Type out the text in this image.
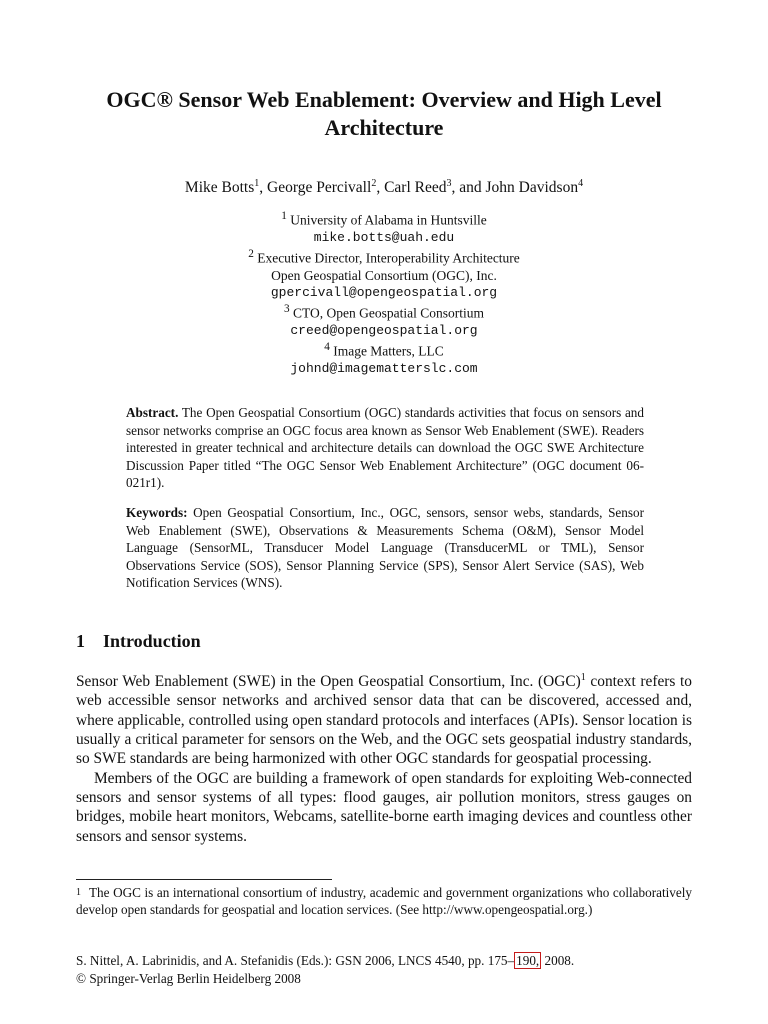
OGC® Sensor Web Enablement: Overview and High Level Architecture
Mike Botts$^1$, George Percivall$^2$, Carl Reed$^3$, and John Davidson$^4$
$^1$ University of Alabama in Huntsville
mike.botts@uah.edu
$^2$ Executive Director, Interoperability Architecture
Open Geospatial Consortium (OGC), Inc.
gpercivall@opengeospatial.org
$^3$ CTO, Open Geospatial Consortium
creed@opengeospatial.org
$^4$ Image Matters, LLC
johnd@imagematterslc.com
Abstract. The Open Geospatial Consortium (OGC) standards activities that focus on sensors and sensor networks comprise an OGC focus area known as Sensor Web Enablement (SWE). Readers interested in greater technical and architecture details can download the OGC SWE Architecture Discussion Paper titled “The OGC Sensor Web Enablement Architecture” (OGC document 06-021r1).
Keywords: Open Geospatial Consortium, Inc., OGC, sensors, sensor webs, standards, Sensor Web Enablement (SWE), Observations & Measurements Schema (O&M), Sensor Model Language (SensorML, Transducer Model Language (TransducerML or TML), Sensor Observations Service (SOS), Sensor Planning Service (SPS), Sensor Alert Service (SAS), Web Notification Services (WNS).
1 Introduction

Sensor Web Enablement (SWE) in the Open Geospatial Consortium, Inc. (OGC)$^1$ context refers to web accessible sensor networks and archived sensor data that can be discovered, accessed and, where applicable, controlled using open standard protocols and interfaces (APIs). Sensor location is usually a critical parameter for sensors on the Web, and the OGC sets geospatial industry standards, so SWE standards are being harmonized with other OGC standards for geospatial processing.

Members of the OGC are building a framework of open standards for exploiting Web-connected sensors and sensor systems of all types: flood gauges, air pollution monitors, stress gauges on bridges, mobile heart monitors, Webcams, satellite-borne earth imaging devices and countless other sensors and sensor systems.

1 The OGC is an international consortium of industry, academic and government organizations who collaboratively develop open standards for geospatial and location services. (See http://www.opengeospatial.org.)
S. Nittel, A. Labrinidis, and A. Stefanidis (Eds.): GSN 2006, LNCS 4540, pp. 175– 190, 2008.
© Springer-Verlag Berlin Heidelberg 2008
